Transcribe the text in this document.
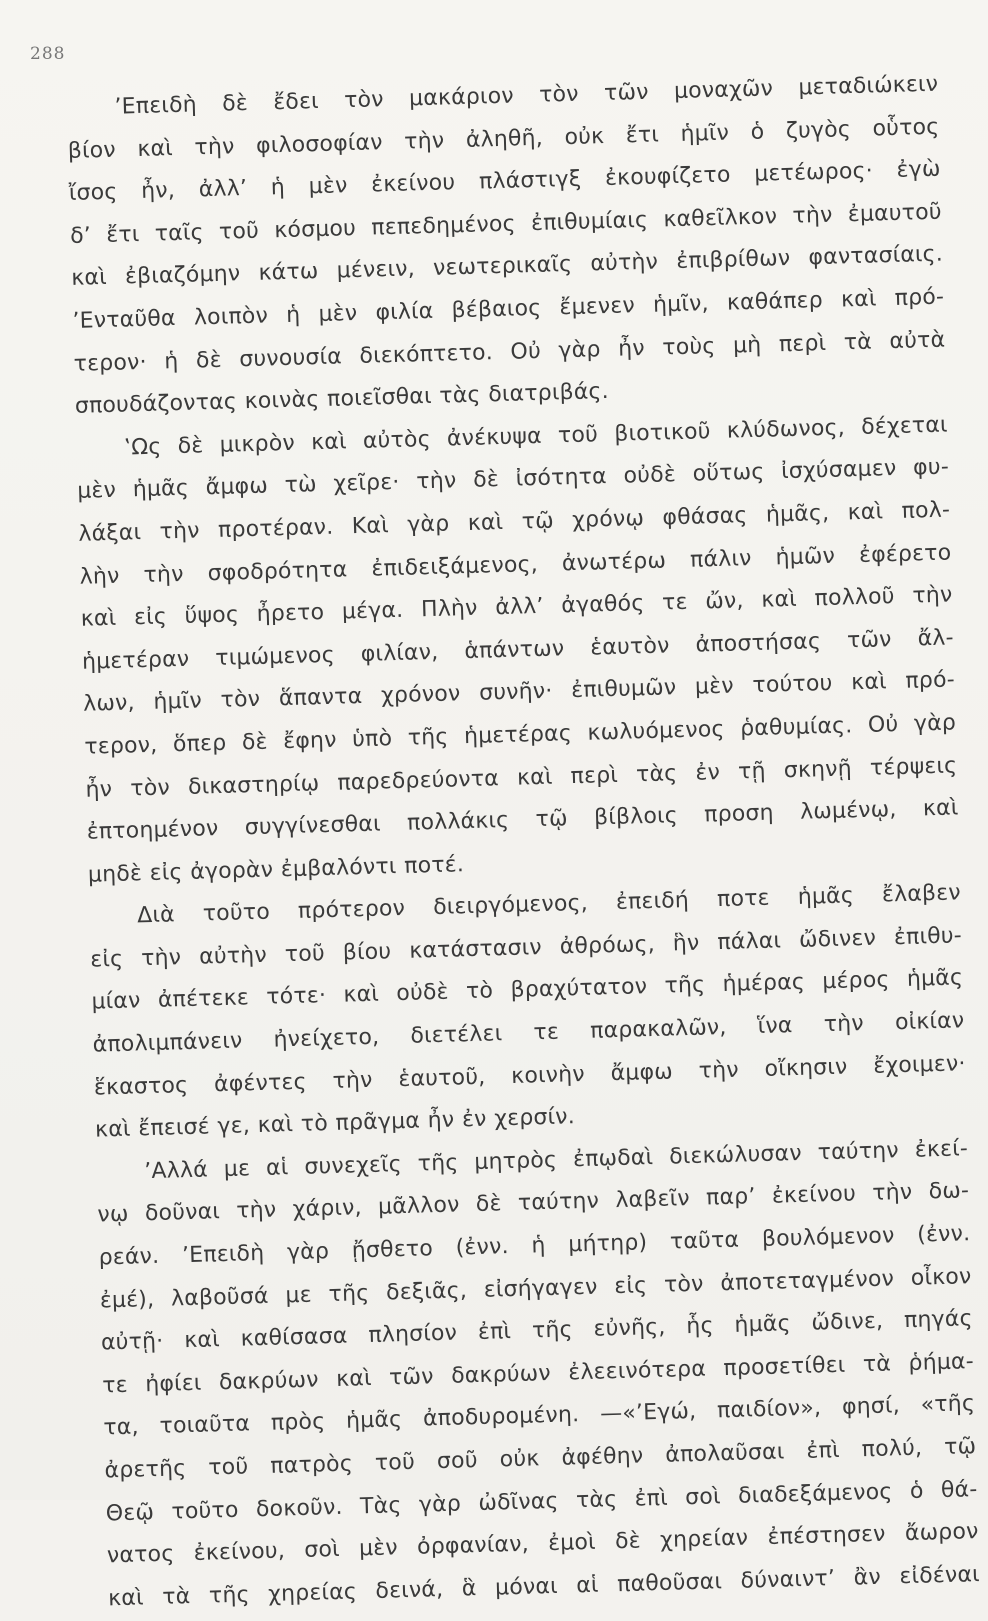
288
’Επειδὴ δὲ ἔδει τὸν μακάριον τὸν τῶν μοναχῶν μεταδιώκειν
βίον καὶ τὴν φιλοσοφίαν τὴν ἀληθῆ, οὐκ ἔτι ἡμῖν ὁ ζυγὸς οὗτος
ἴσος ἦν, ἀλλ’ ἡ μὲν ἐκείνου πλάστιγξ ἐκουφίζετο μετέωρος· ἐγὼ
δ’ ἔτι ταῖς τοῦ κόσμου πεπεδημένος ἐπιθυμίαις καθεῖλκον τὴν ἐμαυτοῦ
καὶ ἐβιαζόμην κάτω μένειν, νεωτερικαῖς αὐτὴν ἐπιβρίθων φαντασίαις.
’Ενταῦθα λοιπὸν ἡ μὲν φιλία βέβαιος ἔμενεν ἡμῖν, καθάπερ καὶ πρό-
τερον· ἡ δὲ συνουσία διεκόπτετο. Οὐ γὰρ ἦν τοὺς μὴ περὶ τὰ αὐτὰ
σπουδάζοντας κοινὰς ποιεῖσθαι τὰς διατριβάς.
‛Ως δὲ μικρὸν καὶ αὐτὸς ἀνέκυψα τοῦ βιοτικοῦ κλύδωνος, δέχεται
μὲν ἡμᾶς ἄμφω τὼ χεῖρε· τὴν δὲ ἰσότητα οὐδὲ οὕτως ἰσχύσαμεν φυ-
λάξαι τὴν προτέραν. Καὶ γὰρ καὶ τῷ χρόνῳ φθάσας ἡμᾶς, καὶ πολ-
λὴν τὴν σφοδρότητα ἐπιδειξάμενος, ἀνωτέρω πάλιν ἡμῶν ἐφέρετο
καὶ εἰς ὕψος ἦρετο μέγα. Πλὴν ἀλλ’ ἀγαθός τε ὤν, καὶ πολλοῦ τὴν
ἡμετέραν τιμώμενος φιλίαν, ἁπάντων ἑαυτὸν ἀποστήσας τῶν ἄλ-
λων, ἡμῖν τὸν ἅπαντα χρόνον συνῆν· ἐπιθυμῶν μὲν τούτου καὶ πρό-
τερον, ὅπερ δὲ ἔφην ὑπὸ τῆς ἡμετέρας κωλυόμενος ῥαθυμίας. Οὐ γὰρ
ἦν τὸν δικαστηρίῳ παρεδρεύοντα καὶ περὶ τὰς ἐν τῇ σκηνῇ τέρψεις
ἐπτοημένον συγγίνεσθαι πολλάκις τῷ βίβλοις προση λωμένῳ, καὶ
μηδὲ εἰς ἀγορὰν ἐμβαλόντι ποτέ.
Διὰ τοῦτο πρότερον διειργόμενος, ἐπειδή ποτε ἡμᾶς ἔλαβεν
εἰς τὴν αὐτὴν τοῦ βίου κατάστασιν ἀθρόως, ἣν πάλαι ὤδινεν ἐπιθυ-
μίαν ἀπέτεκε τότε· καὶ οὐδὲ τὸ βραχύτατον τῆς ἡμέρας μέρος ἡμᾶς
ἀπολιμπάνειν ἠνείχετο, διετέλει τε παρακαλῶν, ἵνα τὴν οἰκίαν
ἕκαστος ἀφέντες τὴν ἑαυτοῦ, κοινὴν ἄμφω τὴν οἴκησιν ἔχοιμεν·
καὶ ἔπεισέ γε, καὶ τὸ πρᾶγμα ἦν ἐν χερσίν.
’Αλλά με αἱ συνεχεῖς τῆς μητρὸς ἐπῳδαὶ διεκώλυσαν ταύτην ἐκεί-
νῳ δοῦναι τὴν χάριν, μᾶλλον δὲ ταύτην λαβεῖν παρ’ ἐκείνου τὴν δω-
ρεάν. ’Επειδὴ γὰρ ᾔσθετο (ἐνν. ἡ μήτηρ) ταῦτα βουλόμενον (ἐνν.
ἐμέ), λαβοῦσά με τῆς δεξιᾶς, εἰσήγαγεν εἰς τὸν ἀποτεταγμένον οἶκον
αὐτῇ· καὶ καθίσασα πλησίον ἐπὶ τῆς εὐνῆς, ἧς ἡμᾶς ὤδινε, πηγάς
τε ἠφίει δακρύων καὶ τῶν δακρύων ἐλεεινότερα προσετίθει τὰ ῥήμα-
τα, τοιαῦτα πρὸς ἡμᾶς ἀποδυρομένη. —«’Εγώ, παιδίον», φησί, «τῆς
ἀρετῆς τοῦ πατρὸς τοῦ σοῦ οὐκ ἀφέθην ἀπολαῦσαι ἐπὶ πολύ, τῷ
Θεῷ τοῦτο δοκοῦν. Τὰς γὰρ ὠδῖνας τὰς ἐπὶ σοὶ διαδεξάμενος ὁ θά-
νατος ἐκείνου, σοὶ μὲν ὀρφανίαν, ἐμοὶ δὲ χηρείαν ἐπέστησεν ἄωρον
καὶ τὰ τῆς χηρείας δεινά, ἃ μόναι αἱ παθοῦσαι δύναιντ’ ἂν εἰδέναι
